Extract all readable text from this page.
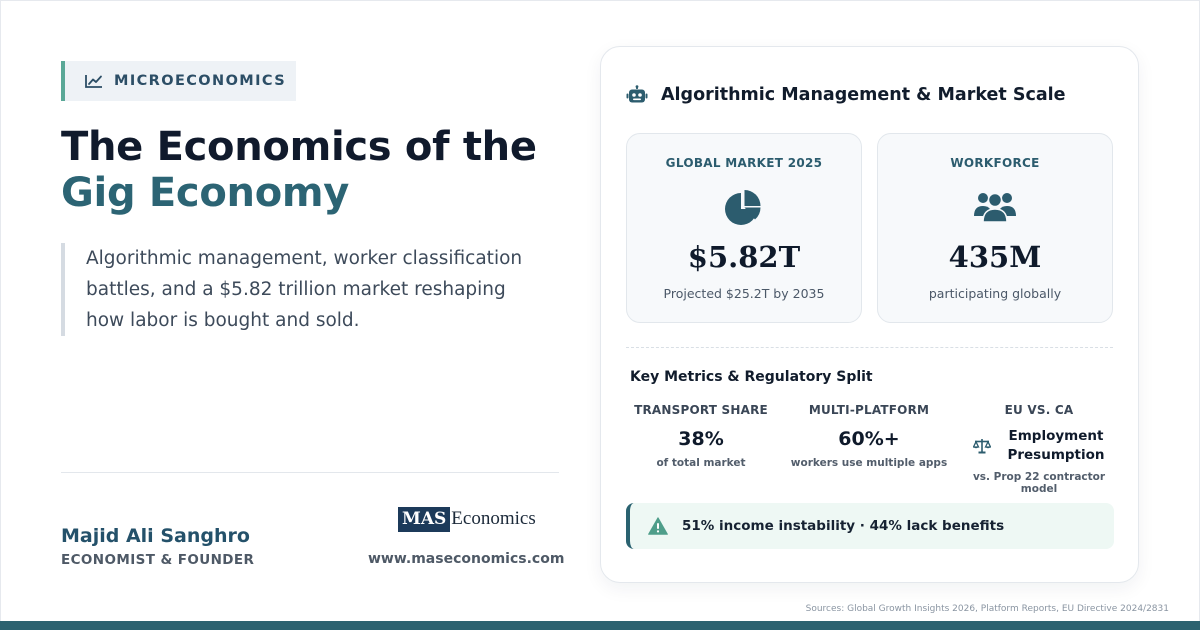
MICROECONOMICS
The Economics of the
Gig Economy

Algorithmic management, worker classification battles, and a $5.82 trillion market reshaping how labor is bought and sold.

Majid Ali Sanghro
ECONOMIST & FOUNDER
MAS Economics
www.maseconomics.com
Algorithmic Management & Market Scale
GLOBAL MARKET 2025
$5.82T
Projected $25.2T by 2035
WORKFORCE
435M
participating globally
Key Metrics & Regulatory Split
TRANSPORT SHARE
38%
of total market
MULTI-PLATFORM
60%+
workers use multiple apps
EU VS. CA
Employment
Presumption
vs. Prop 22 contractor model
51% income instability · 44% lack benefits
Sources: Global Growth Insights 2026, Platform Reports, EU Directive 2024/2831
